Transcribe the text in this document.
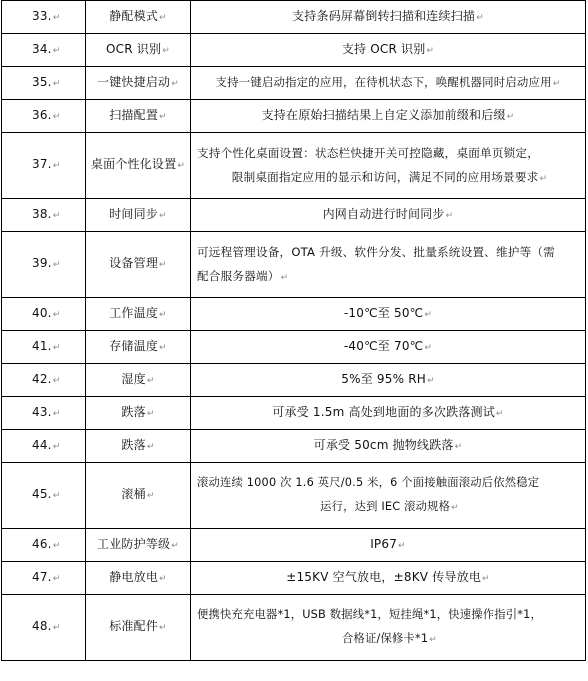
33.↵	静配模式↵	支持条码屏幕倒转扫描和连续扫描↵
34.↵	OCR 识别↵	支持 OCR 识别↵
35.↵	一键快捷启动↵	支持一键启动指定的应用，在待机状态下，唤醒机器同时启动应用↵
36.↵	扫描配置↵	支持在原始扫描结果上自定义添加前缀和后缀↵
37.↵	桌面个性化设置↵	支持个性化桌面设置：状态栏快捷开关可控隐藏，桌面单页锁定，
限制桌面指定应用的显示和访问，满足不同的应用场景要求↵

38.↵	时间同步↵	内网自动进行时间同步↵
39.↵	设备管理↵	可远程管理设备，OTA 升级、软件分发、批量系统设置、维护等（需
配合服务器端）↵

40.↵	工作温度↵	-10℃至 50℃↵
41.↵	存储温度↵	-40℃至 70℃↵
42.↵	湿度↵	5%至 95% RH↵
43.↵	跌落↵	可承受 1.5m 高处到地面的多次跌落测试↵
44.↵	跌落↵	可承受 50cm 抛物线跌落↵
45.↵	滚桶↵	滚动连续 1000 次 1.6 英尺/0.5 米，6 个面接触面滚动后依然稳定
运行，达到 IEC 滚动规格↵

46.↵	工业防护等级↵	IP67↵
47.↵	静电放电↵	±15KV 空气放电，±8KV 传导放电↵
48.↵	标准配件↵	便携快充充电器*1，USB 数据线*1，短挂绳*1，快速操作指引*1，
合格证/保修卡*1↵
